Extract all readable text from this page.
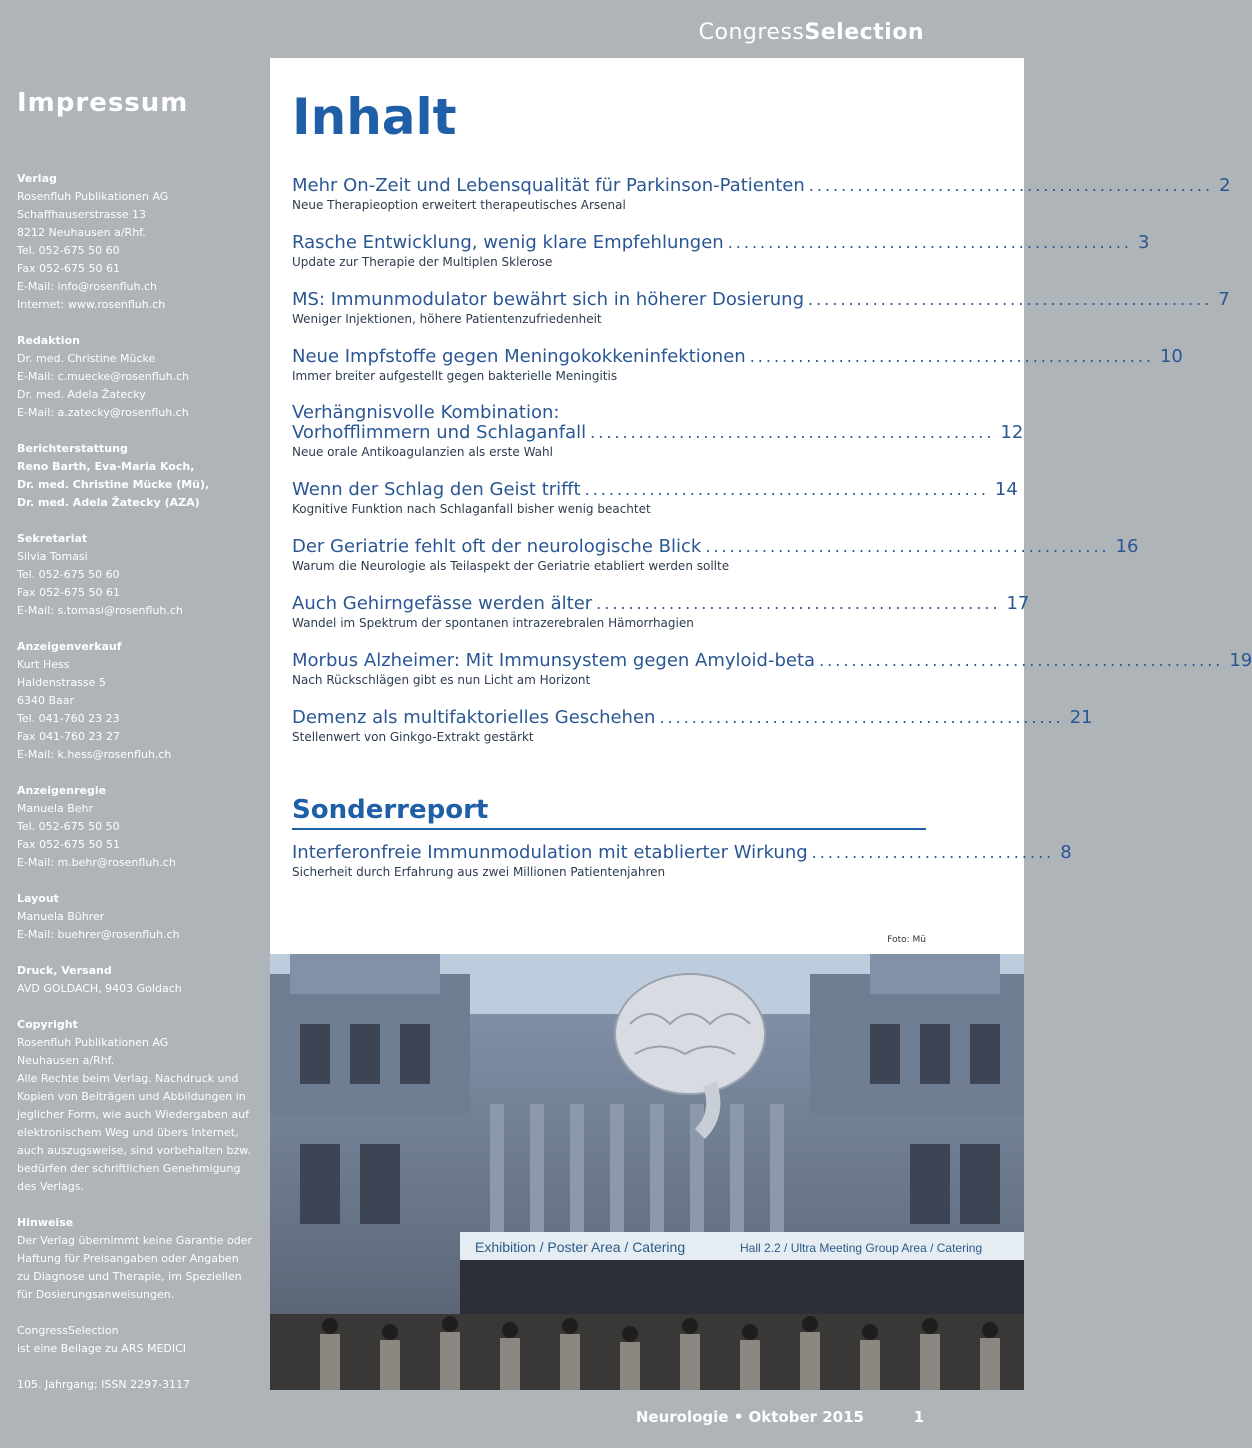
CongressSelection
Impressum
Verlag
Rosenfluh Publikationen AG
Schaffhauserstrasse 13
8212 Neuhausen a/Rhf.
Tel. 052-675 50 60
Fax 052-675 50 61
E-Mail: info@rosenfluh.ch
Internet: www.rosenfluh.ch
Redaktion
Dr. med. Christine Mücke
E-Mail: c.muecke@rosenfluh.ch
Dr. med. Adela Žatecky
E-Mail: a.zatecky@rosenfluh.ch
Berichterstattung
Reno Barth, Eva-Maria Koch,
Dr. med. Christine Mücke (Mü),
Dr. med. Adela Žatecky (AZA)
Sekretariat
Silvia Tomasi
Tel. 052-675 50 60
Fax 052-675 50 61
E-Mail: s.tomasi@rosenfluh.ch
Anzeigenverkauf
Kurt Hess
Haldenstrasse 5
6340 Baar
Tel. 041-760 23 23
Fax 041-760 23 27
E-Mail: k.hess@rosenfluh.ch
Anzeigenregie
Manuela Behr
Tel. 052-675 50 50
Fax 052-675 50 51
E-Mail: m.behr@rosenfluh.ch
Layout
Manuela Bührer
E-Mail: buehrer@rosenfluh.ch
Druck, Versand
AVD GOLDACH, 9403 Goldach
Copyright
Rosenfluh Publikationen AG
Neuhausen a/Rhf.
Alle Rechte beim Verlag. Nachdruck und
Kopien von Beiträgen und Abbildungen in
jeglicher Form, wie auch Wiedergaben auf
elektronischem Weg und übers Internet,
auch auszugsweise, sind vorbehalten bzw.
bedürfen der schriftlichen Genehmigung
des Verlags.
Hinweise
Der Verlag übernimmt keine Garantie oder
Haftung für Preisangaben oder Angaben
zu Diagnose und Therapie, im Speziellen
für Dosierungsanweisungen.
CongressSelection
ist eine Beilage zu ARS MEDICI
105. Jahrgang; ISSN 2297-3117
Inhalt
Mehr On-Zeit und Lebensqualität für Parkinson-Patienten .................................................. 2
Neue Therapieoption erweitert therapeutisches Arsenal
Rasche Entwicklung, wenig klare Empfehlungen .................................................. 3
Update zur Therapie der Multiplen Sklerose
MS: Immunmodulator bewährt sich in höherer Dosierung .................................................. 7
Weniger Injektionen, höhere Patientenzufriedenheit
Neue Impfstoffe gegen Meningokokkeninfektionen .................................................. 10
Immer breiter aufgestellt gegen bakterielle Meningitis
Verhängnisvolle Kombination:
Vorhofflimmern und Schlaganfall .................................................. 12
Neue orale Antikoagulanzien als erste Wahl
Wenn der Schlag den Geist trifft .................................................. 14
Kognitive Funktion nach Schlaganfall bisher wenig beachtet
Der Geriatrie fehlt oft der neurologische Blick .................................................. 16
Warum die Neurologie als Teilaspekt der Geriatrie etabliert werden sollte
Auch Gehirngefässe werden älter .................................................. 17
Wandel im Spektrum der spontanen intrazerebralen Hämorrhagien
Morbus Alzheimer: Mit Immunsystem gegen Amyloid-beta .................................................. 19
Nach Rückschlägen gibt es nun Licht am Horizont
Demenz als multifaktorielles Geschehen .................................................. 21
Stellenwert von Ginkgo-Extrakt gestärkt
Sonderreport
Interferonfreie Immunmodulation mit etablierter Wirkung .............................. 8
Sicherheit durch Erfahrung aus zwei Millionen Patientenjahren
Foto: Mü
Exhibition / Poster Area / Catering	Hall 2.2 / Ultra Meeting Group Area / Catering
Neurologie • Oktober 2015	1
